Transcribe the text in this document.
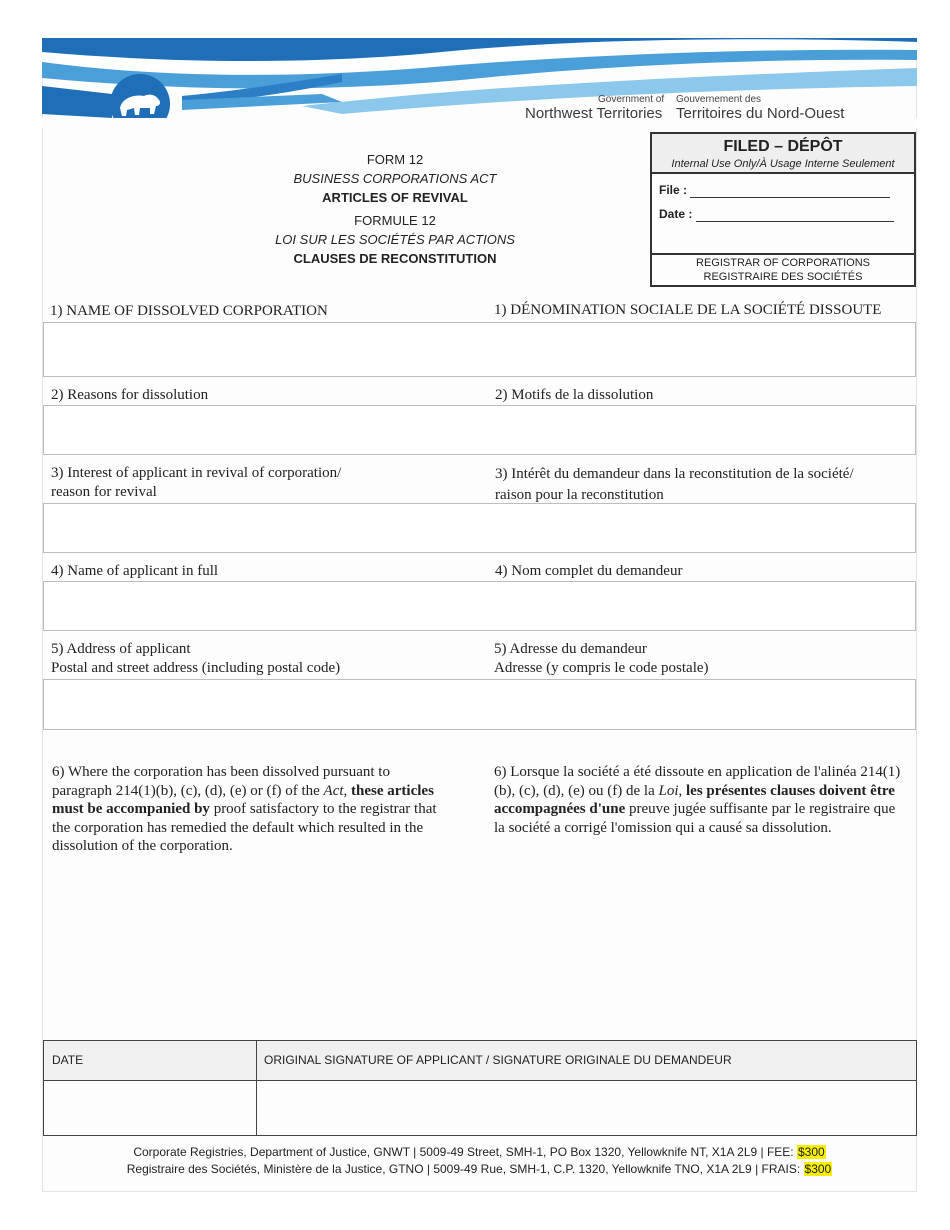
Government of
Northwest Territories
Gouvernement des
Territoires du Nord-Ouest
FORM 12
BUSINESS CORPORATIONS ACT
ARTICLES OF REVIVAL
FORMULE 12
LOI SUR LES SOCIÉTÉS PAR ACTIONS
CLAUSES DE RECONSTITUTION
FILED – DÉPÔT
Internal Use Only/À Usage Interne Seulement
File :
Date :
REGISTRAR OF CORPORATIONS
REGISTRAIRE DES SOCIÉTÉS
1) NAME OF DISSOLVED CORPORATION	1) DÉNOMINATION SOCIALE DE LA SOCIÉTÉ DISSOUTE
2) Reasons for dissolution	2) Motifs de la dissolution
3) Interest of applicant in revival of corporation/
reason for revival
3) Intérêt du demandeur dans la reconstitution de la société/
raison pour la reconstitution
4) Name of applicant in full	4) Nom complet du demandeur
5) Address of applicant
Postal and street address (including postal code)
5) Adresse du demandeur
Adresse (y compris le code postale)
6) Where the corporation has been dissolved pursuant to paragraph 214(1)(b), (c), (d), (e) or (f) of the Act, these articles must be accompanied by proof satisfactory to the registrar that the corporation has remedied the default which resulted in the dissolution of the corporation.
6) Lorsque la société a été dissoute en application de l'alinéa 214(1)(b), (c), (d), (e) ou (f) de la Loi, les présentes clauses doivent être accompagnées d'une preuve jugée suffisante par le registraire que la société a corrigé l'omission qui a causé sa dissolution.
DATE	ORIGINAL SIGNATURE OF APPLICANT / SIGNATURE ORIGINALE DU DEMANDEUR
Corporate Registries, Department of Justice, GNWT | 5009-49 Street, SMH-1, PO Box 1320, Yellowknife NT, X1A 2L9 | FEE: $300
Registraire des Sociétés, Ministère de la Justice, GTNO | 5009-49 Rue, SMH-1, C.P. 1320, Yellowknife TNO, X1A 2L9 | FRAIS: $300
